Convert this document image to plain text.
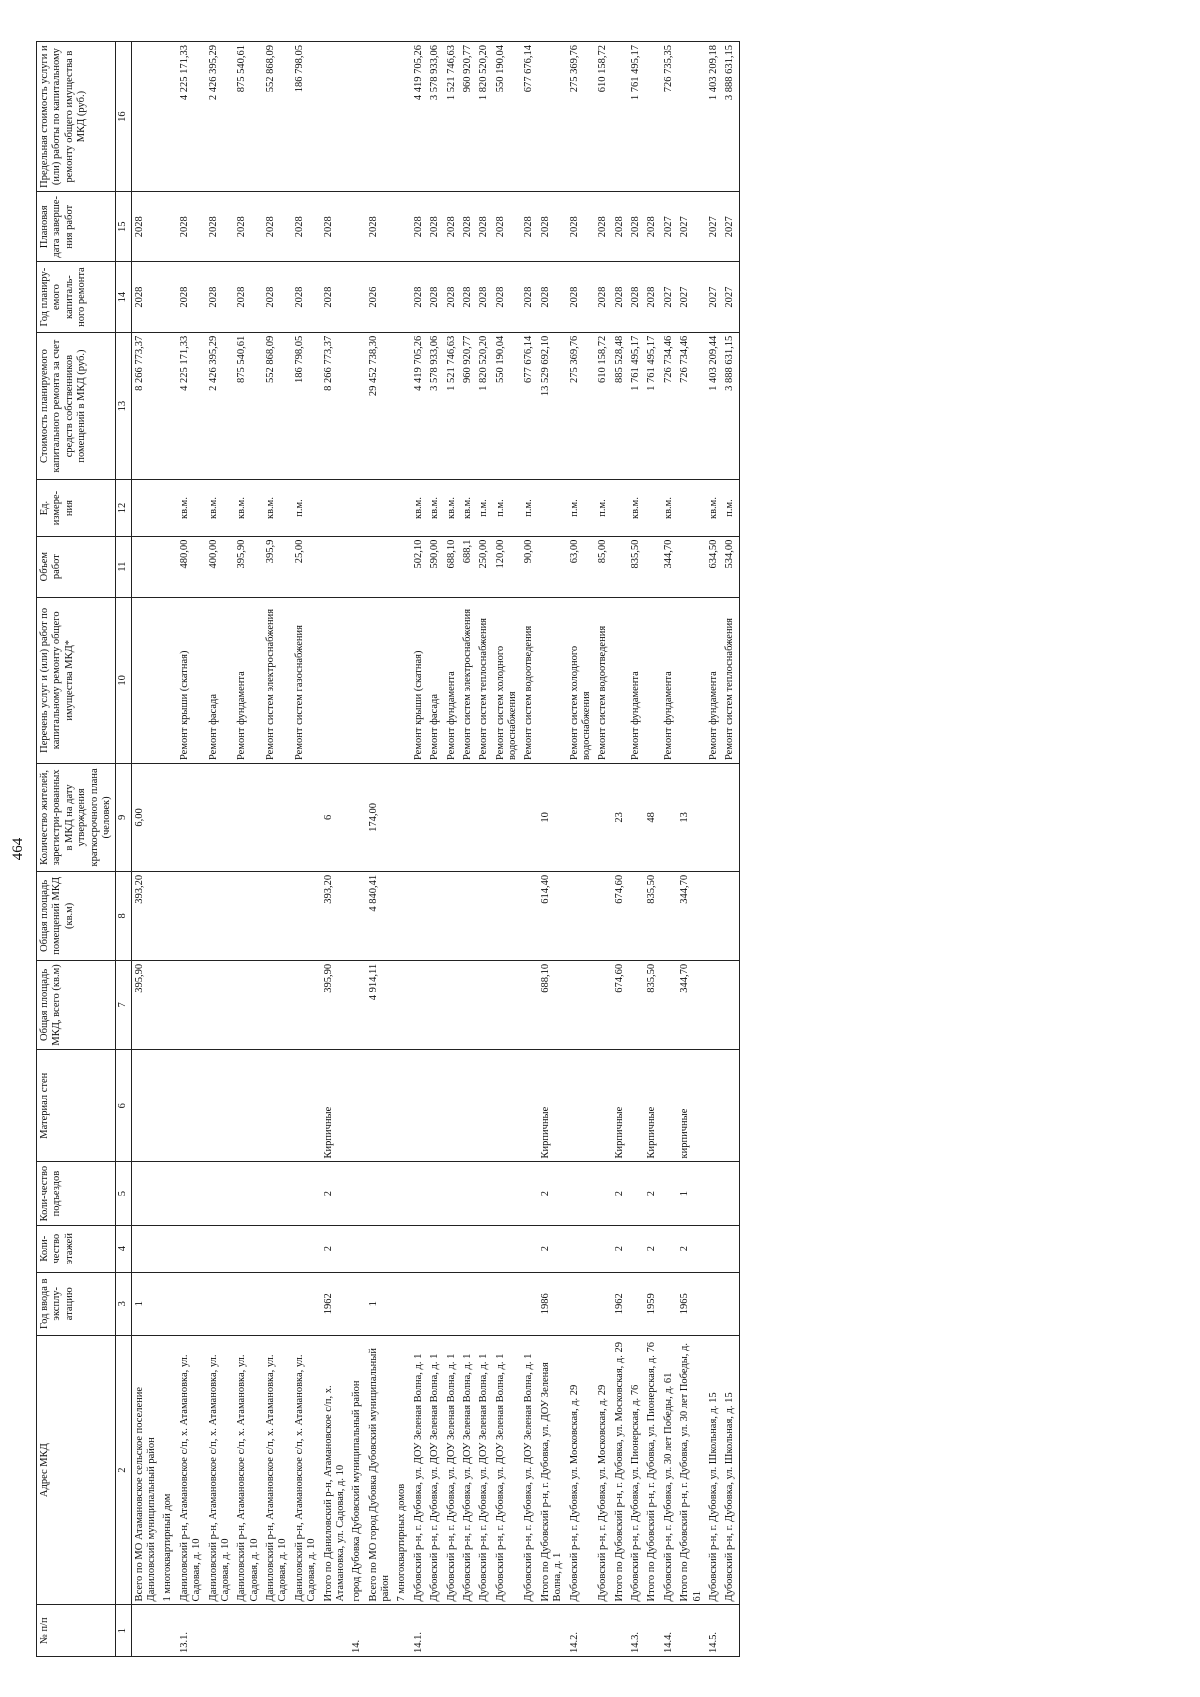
464
№ п/п	Адрес МКД	Год ввода в эксплу-атацию	Коли-чество этажей	Коли-чество подъездов	Материал стен	Общая площадь МКД, всего (кв.м)	Общая площадь помещений МКД (кв.м)	Количество жителей, зарегистри-рованных в МКД на дату утверждения краткосрочного плана (человек)	Перечень услуг и (или) работ по капитальному ремонту общего имущества МКД*	Объем работ	Ед. измере-ния	Стоимость планируемого капитального ремонта за счет средств собственников помещений в МКД (руб.)	Год планиру-емого капиталь-ного ремонта	Плановая дата заверше-ния работ	Предельная стоимость услуги и (или) работы по капитальному ремонту общего имущества в МКД (руб.)
1	2	3	4	5	6	7	8	9	10	11	12	13	14	15	16
	Всего по МО Атамановское сельское поселение Даниловский муниципальный район	1				395,90	393,20	6,00				8 266 773,37	2028	2028	
	1 многоквартирный дом														
13.1.	Даниловский р-н, Атамановское с/п, х. Атамановка, ул. Садовая, д. 10								Ремонт крыши (скатная)	480,00	кв.м.	4 225 171,33	2028	2028	4 225 171,33
	Даниловский р-н, Атамановское с/п, х. Атамановка, ул. Садовая, д. 10								Ремонт фасада	400,00	кв.м.	2 426 395,29	2028	2028	2 426 395,29
	Даниловский р-н, Атамановское с/п, х. Атамановка, ул. Садовая, д. 10								Ремонт фундамента	395,90	кв.м.	875 540,61	2028	2028	875 540,61
	Даниловский р-н, Атамановское с/п, х. Атамановка, ул. Садовая, д. 10								Ремонт систем электроснабжения	395,9	кв.м.	552 868,09	2028	2028	552 868,09
	Даниловский р-н, Атамановское с/п, х. Атамановка, ул. Садовая, д. 10								Ремонт систем газоснабжения	25,00	п.м.	186 798,05	2028	2028	186 798,05
	Итого по Даниловский р-н, Атамановское с/п, х. Атамановка, ул. Садовая, д. 10	1962	2	2	Кирпичные	395,90	393,20	6				8 266 773,37	2028	2028	
14.	город Дубовка Дубовский муниципальный район														
	Всего по МО город Дубовка Дубовский муниципальный район	1				4 914,11	4 840,41	174,00				29 452 738,30	2026	2028	
	7 многоквартирных домов														
14.1.	Дубовский р-н, г. Дубовка, ул. ДОУ Зеленая Волна, д. 1								Ремонт крыши (скатная)	502,10	кв.м.	4 419 705,26	2028	2028	4 419 705,26
	Дубовский р-н, г. Дубовка, ул. ДОУ Зеленая Волна, д. 1								Ремонт фасада	590,00	кв.м.	3 578 933,06	2028	2028	3 578 933,06
	Дубовский р-н, г. Дубовка, ул. ДОУ Зеленая Волна, д. 1								Ремонт фундамента	688,10	кв.м.	1 521 746,63	2028	2028	1 521 746,63
	Дубовский р-н, г. Дубовка, ул. ДОУ Зеленая Волна, д. 1								Ремонт систем электроснабжения	688,1	кв.м.	960 920,77	2028	2028	960 920,77
	Дубовский р-н, г. Дубовка, ул. ДОУ Зеленая Волна, д. 1								Ремонт систем теплоснабжения	250,00	п.м.	1 820 520,20	2028	2028	1 820 520,20
	Дубовский р-н, г. Дубовка, ул. ДОУ Зеленая Волна, д. 1								Ремонт систем холодного водоснабжения	120,00	п.м.	550 190,04	2028	2028	550 190,04
	Дубовский р-н, г. Дубовка, ул. ДОУ Зеленая Волна, д. 1								Ремонт систем водоотведения	90,00	п.м.	677 676,14	2028	2028	677 676,14
	Итого по Дубовский р-н, г. Дубовка, ул. ДОУ Зеленая Волна, д. 1	1986	2	2	Кирпичные	688,10	614,40	10				13 529 692,10	2028	2028	
14.2.	Дубовский р-н, г. Дубовка, ул. Московская, д. 29								Ремонт систем холодного водоснабжения	63,00	п.м.	275 369,76	2028	2028	275 369,76
	Дубовский р-н, г. Дубовка, ул. Московская, д. 29								Ремонт систем водоотведения	85,00	п.м.	610 158,72	2028	2028	610 158,72
	Итого по Дубовский р-н, г. Дубовка, ул. Московская, д. 29	1962	2	2	Кирпичные	674,60	674,60	23				885 528,48	2028	2028	
14.3.	Дубовский р-н, г. Дубовка, ул. Пионерская, д. 76								Ремонт фундамента	835,50	кв.м.	1 761 495,17	2028	2028	1 761 495,17
	Итого по Дубовский р-н, г. Дубовка, ул. Пионерская, д. 76	1959	2	2	Кирпичные	835,50	835,50	48				1 761 495,17	2028	2028	
14.4.	Дубовский р-н, г. Дубовка, ул. 30 лет Победы, д. 61								Ремонт фундамента	344,70	кв.м.	726 734,46	2027	2027	726 735,35
	Итого по Дубовский р-н, г. Дубовка, ул. 30 лет Победы, д. 61	1965	2	1	кирпичные	344,70	344,70	13				726 734,46	2027	2027	
14.5.	Дубовский р-н, г. Дубовка, ул. Школьная, д. 15								Ремонт фундамента	634,50	кв.м.	1 403 209,44	2027	2027	1 403 209,18
	Дубовский р-н, г. Дубовка, ул. Школьная, д. 15								Ремонт систем теплоснабжения	534,00	п.м.	3 888 631,15	2027	2027	3 888 631,15
